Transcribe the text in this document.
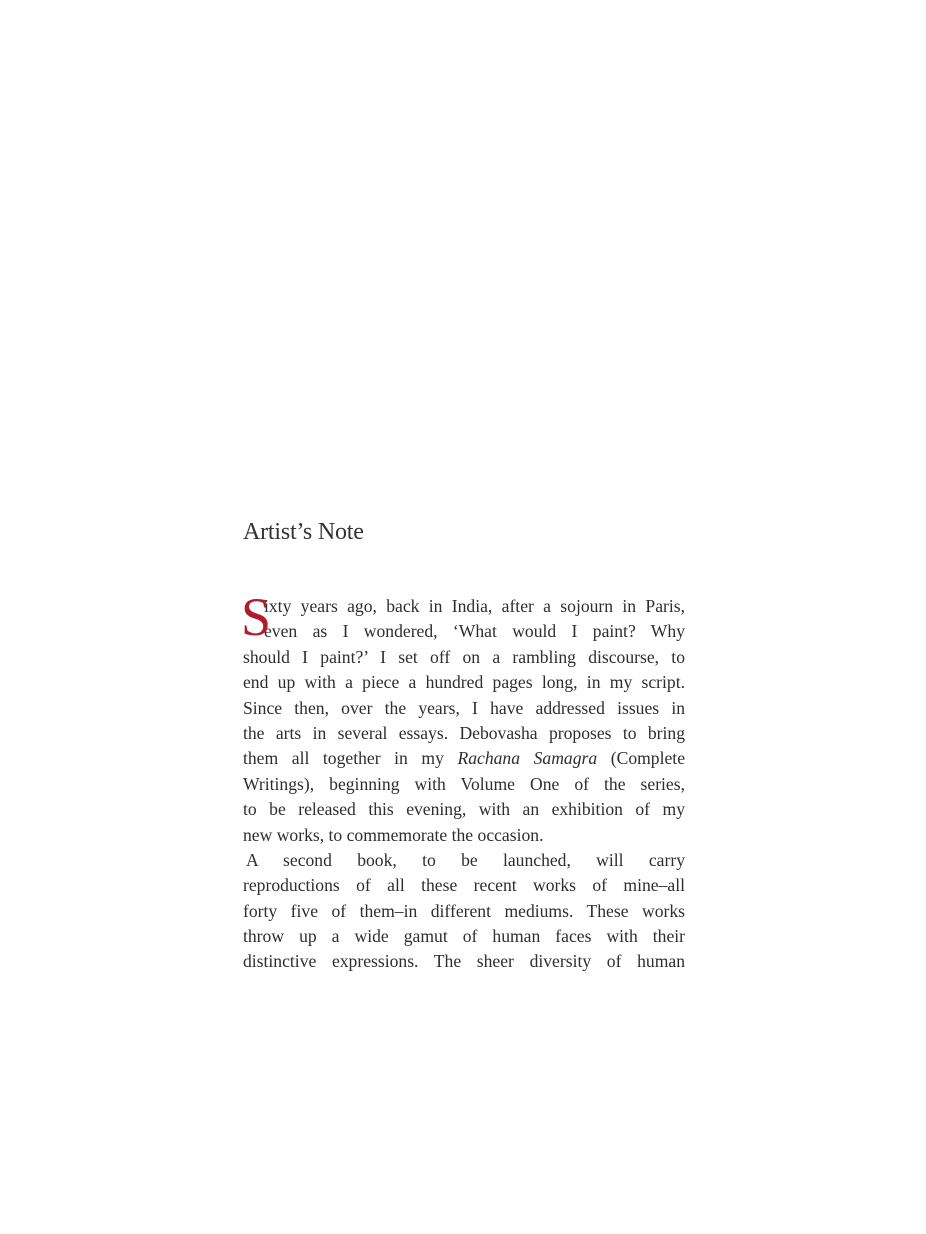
Artist’s Note
S
ixty years ago, back in India, after a sojourn in Paris,
even as I wondered, ‘What would I paint? Why
should I paint?’ I set off on a rambling discourse, to
end up with a piece a hundred pages long, in my script.
Since then, over the years, I have addressed issues in
the arts in several essays. Debovasha proposes to bring
them all together in my Rachana Samagra (Complete
Writings), beginning with Volume One of the series,
to be released this evening, with an exhibition of my
new works, to commemorate the occasion.
A second book, to be launched, will carry
reproductions of all these recent works of mine–all
forty five of them–in different mediums. These works
throw up a wide gamut of human faces with their
distinctive expressions. The sheer diversity of human
